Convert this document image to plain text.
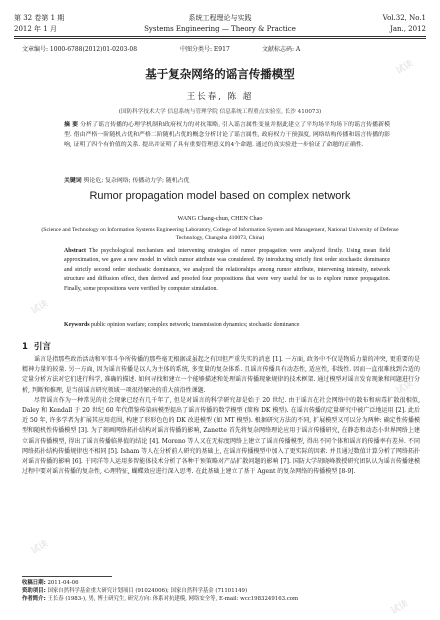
第 32 卷第 1 期	系统工程理论与实践	Vol.32, No.1
2012 年 1 月	Systems Engineering — Theory & Practice	Jan., 2012
文章编号: 1000-6788(2012)01-0203-08	中图分类号: E917	文献标志码: A
基于复杂网络的谣言传播模型
王长春, 陈 超
(国防科学技术大学 信息系统与管理学院 信息系统工程重点实验室, 长沙 410073)
摘 要 分析了谣言传播的心理学机制和政府权力的对抗策略, 引入谣言属性变量并据此建立了平均场平均场下的谣言传播新模型. 借由严格一阶随机占优和严格二阶随机占优的概念分析讨论了谣言属性, 政府权力干预强度, 网络结构传播和谣言传播的影响, 证明了四个有价值的关系. 提出并证明了具有重要管理意义的4个命题. 通过仿真实验进一步验证了命题的正确性.
关键词 舆论危; 复杂网络; 传播动力学; 随机占优
Rumor propagation model based on complex network
WANG Chang-chun, CHEN Chao
(Science and Technology on Information Systems Engineering Laboratory, College of Information System and Management, National University of Defense Technology, Changsha 410073, China)
Abstract The psychological mechanism and intervening strategies of rumor propagation were analyzed firstly. Using mean field approximation, we gave a new model in which rumor attribute was considered. By introducing strictly first order stochastic dominance and strictly second order stochastic dominance, we analyzed the relationships among rumor attribute, intervening intensity, network structure and diffusion effect, then derived and proofed four propositions that were very useful for us to explore rumor propagation. Finally, some propositions were verified by computer simulation.
Keywords public opinion warfare; complex network; transmission dynamics; stochastic dominance
1 引言

谣言是指那些政治活动和军事斗争所传播的那些毫无根据或虽起之有因但严重失实的消息 [1]. 一方面, 政务中不仅是物质力量的冲突, 更重要的是精神力量的较量. 另一方面, 因为谣言传播是以人为主体的系统, 多变量的复杂体系. 且谣言传播具有动态性, 适应性, 非线性. 因而一直很难找到合适的定量分析方法对它们进行科学, 准确的描述. 如何寻找和建立一个能够描述和处理谣言传播现象规律的技术框架. 通过模型对谣言发育现象和问题进行分析, 判断和推理, 是当前谣言研究领域一项很待解决的重大前沿性课题.

尽管谣言作为一种常见的社会现象已经有几千年了, 但是对谣言的科学研究却是始于 20 世纪. 由于谣言在社会网络中的散布和病毒扩散很相似, Daley 和 Kendall 于 20 世纪 60 年代借鉴传染病模型提出了谣言传播的数学模型 (简称 DK 模型). 在谣言传播的定量研究中被广泛地运用 [2]. 此后近 50 年, 许多学者为扩展其应用范围, 构建了形形色色的 DK 改进模型 (如 MT 模型). 根据研究方法的不同, 扩展模型又可以分为两种: 确定性传播模型和随机性传播模型 [3]. 为了刻画网络拓扑结构对谣言传播的影响, Zanette 首先将复杂网络理论应用于谣言传播研究, 在静态和动态小世界网络上建立谣言传播模型, 得出了谣言传播临界值的结论 [4]. Moreno 等人又在无标度网络上建立了谣言传播模型, 得出不同个体和谣言的传播率有差异. 不同网络拓扑结构传播规律也不相同 [5]. Isham 等人在分析前人研究的基础上, 在谣言传播模型中加入了更实际的因素. 并且通过数值计算分析了网络拓扑对谣言传播的影响 [6]. 于同洋等人运用多智能体技术分析了各种干预策略对产品扩散问题的影响 [7]. 国防大学胡晓峰教授研究团队认为谣言传播建模过程中要对谣言传播的复杂性, 心理特征, 蝴蝶效应进行深入思考. 在此基础上建立了基于 Agent 的复杂网络的传播模型 [8-9].

收稿日期: 2011-04-06
资助项目: 国家自然科学基金重大研究计划项目 (91024006); 国家自然科学基金 (71101149)
作者简介: 王长春 (1983-), 男, 博士研究生, 研究方向: 体系对抗建模, 网络安全等, E-mail: wcc1983249163.com
试读
试读
试读
试读
试读
